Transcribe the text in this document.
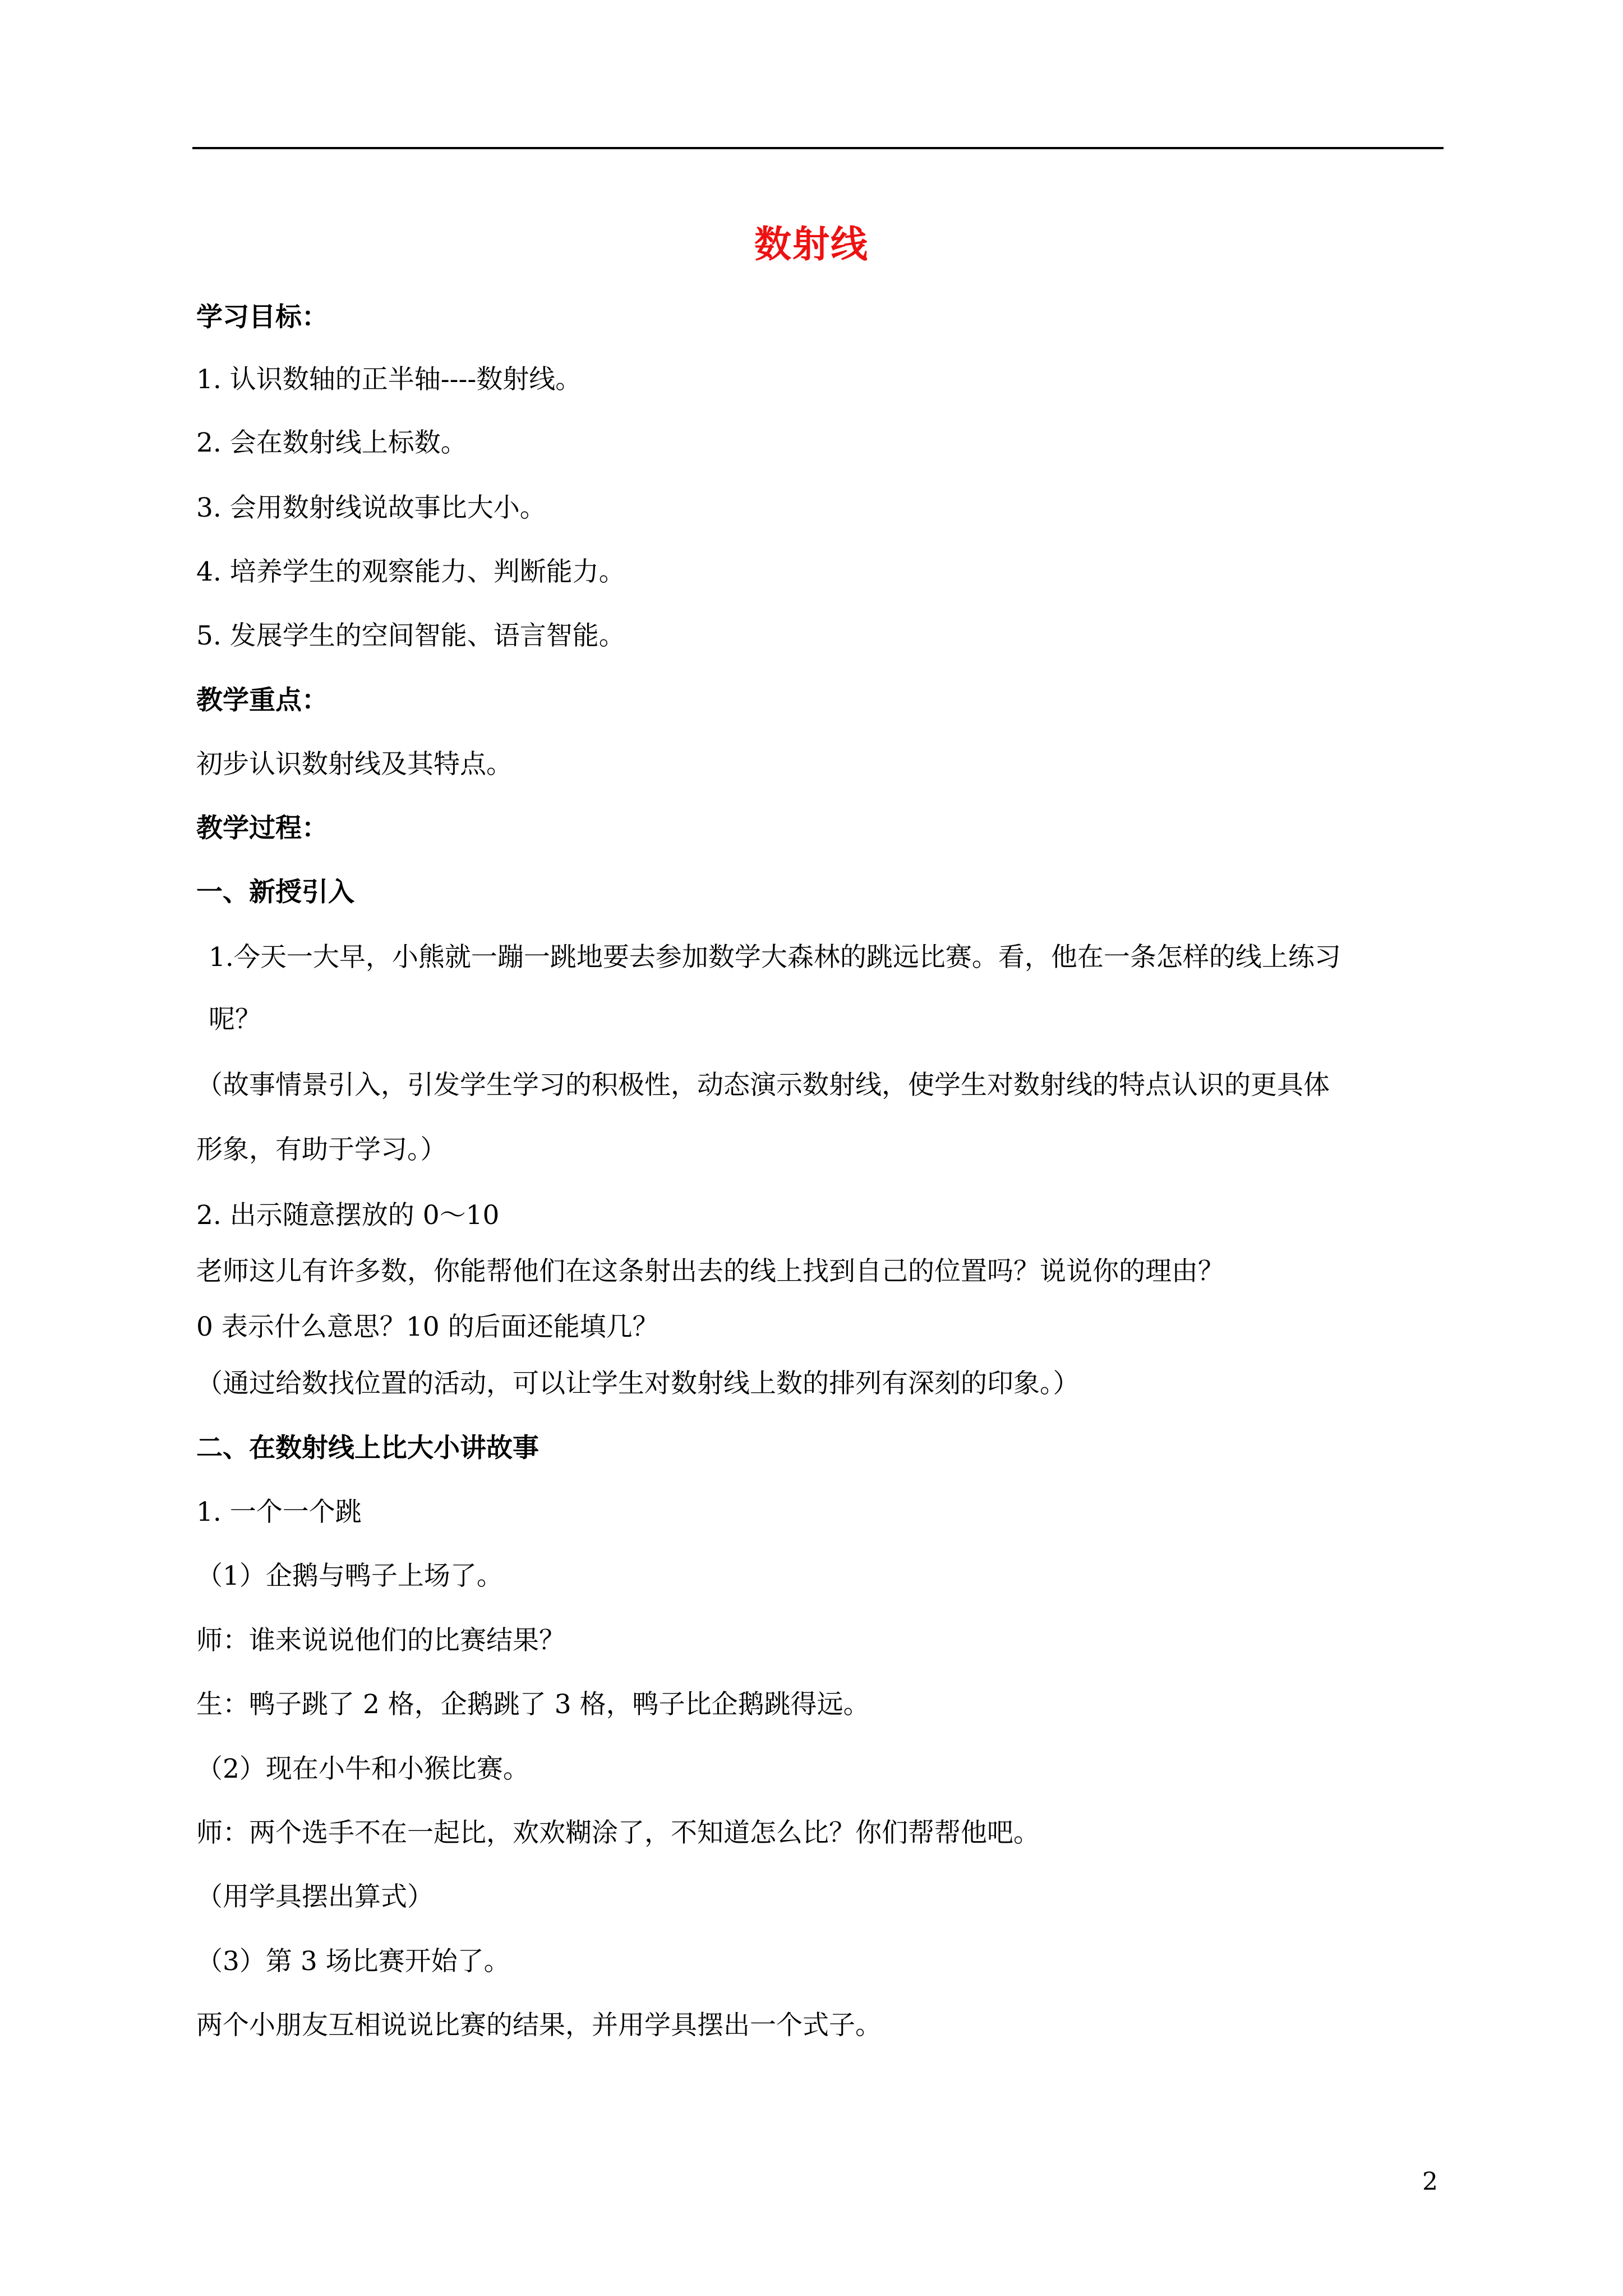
数射线
学习目标：
1. 认识数轴的正半轴----数射线。
2. 会在数射线上标数。
3. 会用数射线说故事比大小。
4. 培养学生的观察能力、判断能力。
5. 发展学生的空间智能、语言智能。
教学重点：
初步认识数射线及其特点。
教学过程：
一、新授引入
1.今天一大早，小熊就一蹦一跳地要去参加数学大森林的跳远比赛。看，他在一条怎样的线上练习
呢？
（故事情景引入，引发学生学习的积极性，动态演示数射线，使学生对数射线的特点认识的更具体
形象，有助于学习。）
2. 出示随意摆放的 0～10
老师这儿有许多数，你能帮他们在这条射出去的线上找到自己的位置吗？说说你的理由？
0 表示什么意思？10 的后面还能填几？
（通过给数找位置的活动，可以让学生对数射线上数的排列有深刻的印象。）
二、在数射线上比大小讲故事
1. 一个一个跳
（1）企鹅与鸭子上场了。
师：谁来说说他们的比赛结果？
生：鸭子跳了 2 格，企鹅跳了 3 格，鸭子比企鹅跳得远。
（2）现在小牛和小猴比赛。
师：两个选手不在一起比，欢欢糊涂了，不知道怎么比？你们帮帮他吧。
（用学具摆出算式）
（3）第 3 场比赛开始了。
两个小朋友互相说说比赛的结果，并用学具摆出一个式子。
2
